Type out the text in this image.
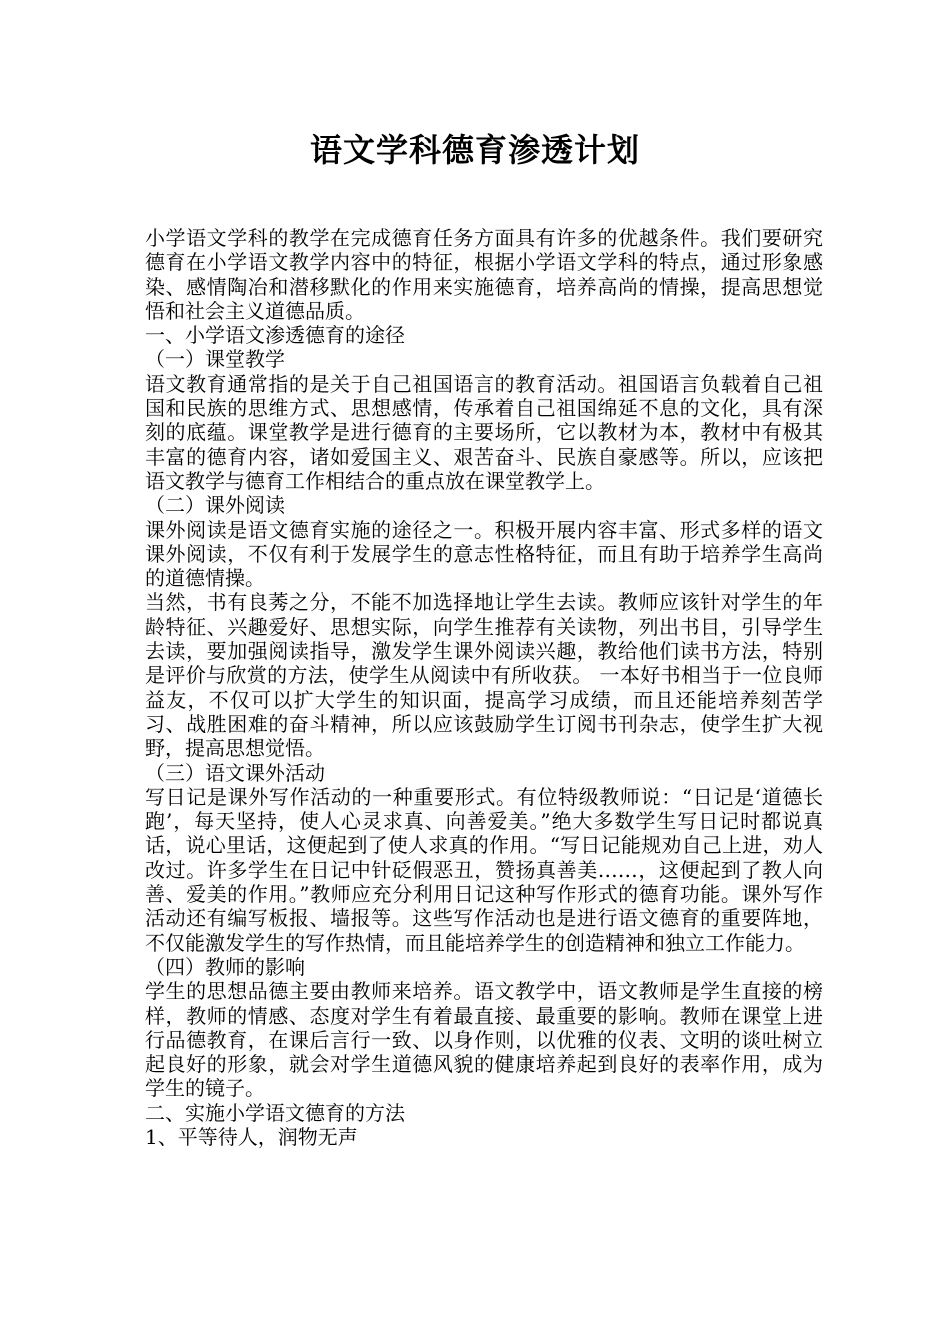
语文学科德育渗透计划

小学语文学科的教学在完成德育任务方面具有许多的优越条件。我们要研究德育在小学语文教学内容中的特征，根据小学语文学科的特点，通过形象感染、感情陶冶和潜移默化的作用来实施德育，培养高尚的情操，提高思想觉悟和社会主义道德品质。

一、小学语文渗透德育的途径

（一）课堂教学

语文教育通常指的是关于自己祖国语言的教育活动。祖国语言负载着自己祖国和民族的思维方式、思想感情，传承着自己祖国绵延不息的文化，具有深刻的底蕴。课堂教学是进行德育的主要场所，它以教材为本，教材中有极其丰富的德育内容，诸如爱国主义、艰苦奋斗、民族自豪感等。所以，应该把语文教学与德育工作相结合的重点放在课堂教学上。

（二）课外阅读

课外阅读是语文德育实施的途径之一。积极开展内容丰富、形式多样的语文课外阅读，不仅有利于发展学生的意志性格特征，而且有助于培养学生高尚的道德情操。

当然，书有良莠之分，不能不加选择地让学生去读。教师应该针对学生的年龄特征、兴趣爱好、思想实际，向学生推荐有关读物，列出书目，引导学生去读，要加强阅读指导，激发学生课外阅读兴趣，教给他们读书方法，特别是评价与欣赏的方法，使学生从阅读中有所收获。 一本好书相当于一位良师益友，不仅可以扩大学生的知识面，提高学习成绩，而且还能培养刻苦学习、战胜困难的奋斗精神，所以应该鼓励学生订阅书刊杂志，使学生扩大视野，提高思想觉悟。

（三）语文课外活动

写日记是课外写作活动的一种重要形式。有位特级教师说：“日记是‘道德长跑’，每天坚持，使人心灵求真、向善爱美。”绝大多数学生写日记时都说真话，说心里话，这便起到了使人求真的作用。“写日记能规劝自己上进，劝人改过。许多学生在日记中针砭假恶丑，赞扬真善美……，这便起到了教人向善、爱美的作用。”教师应充分利用日记这种写作形式的德育功能。课外写作活动还有编写板报、墙报等。这些写作活动也是进行语文德育的重要阵地，不仅能激发学生的写作热情，而且能培养学生的创造精神和独立工作能力。

（四）教师的影响

学生的思想品德主要由教师来培养。语文教学中，语文教师是学生直接的榜样，教师的情感、态度对学生有着最直接、最重要的影响。教师在课堂上进行品德教育，在课后言行一致、以身作则，以优雅的仪表、文明的谈吐树立起良好的形象，就会对学生道德风貌的健康培养起到良好的表率作用，成为学生的镜子。

二、实施小学语文德育的方法

1、平等待人，润物无声
